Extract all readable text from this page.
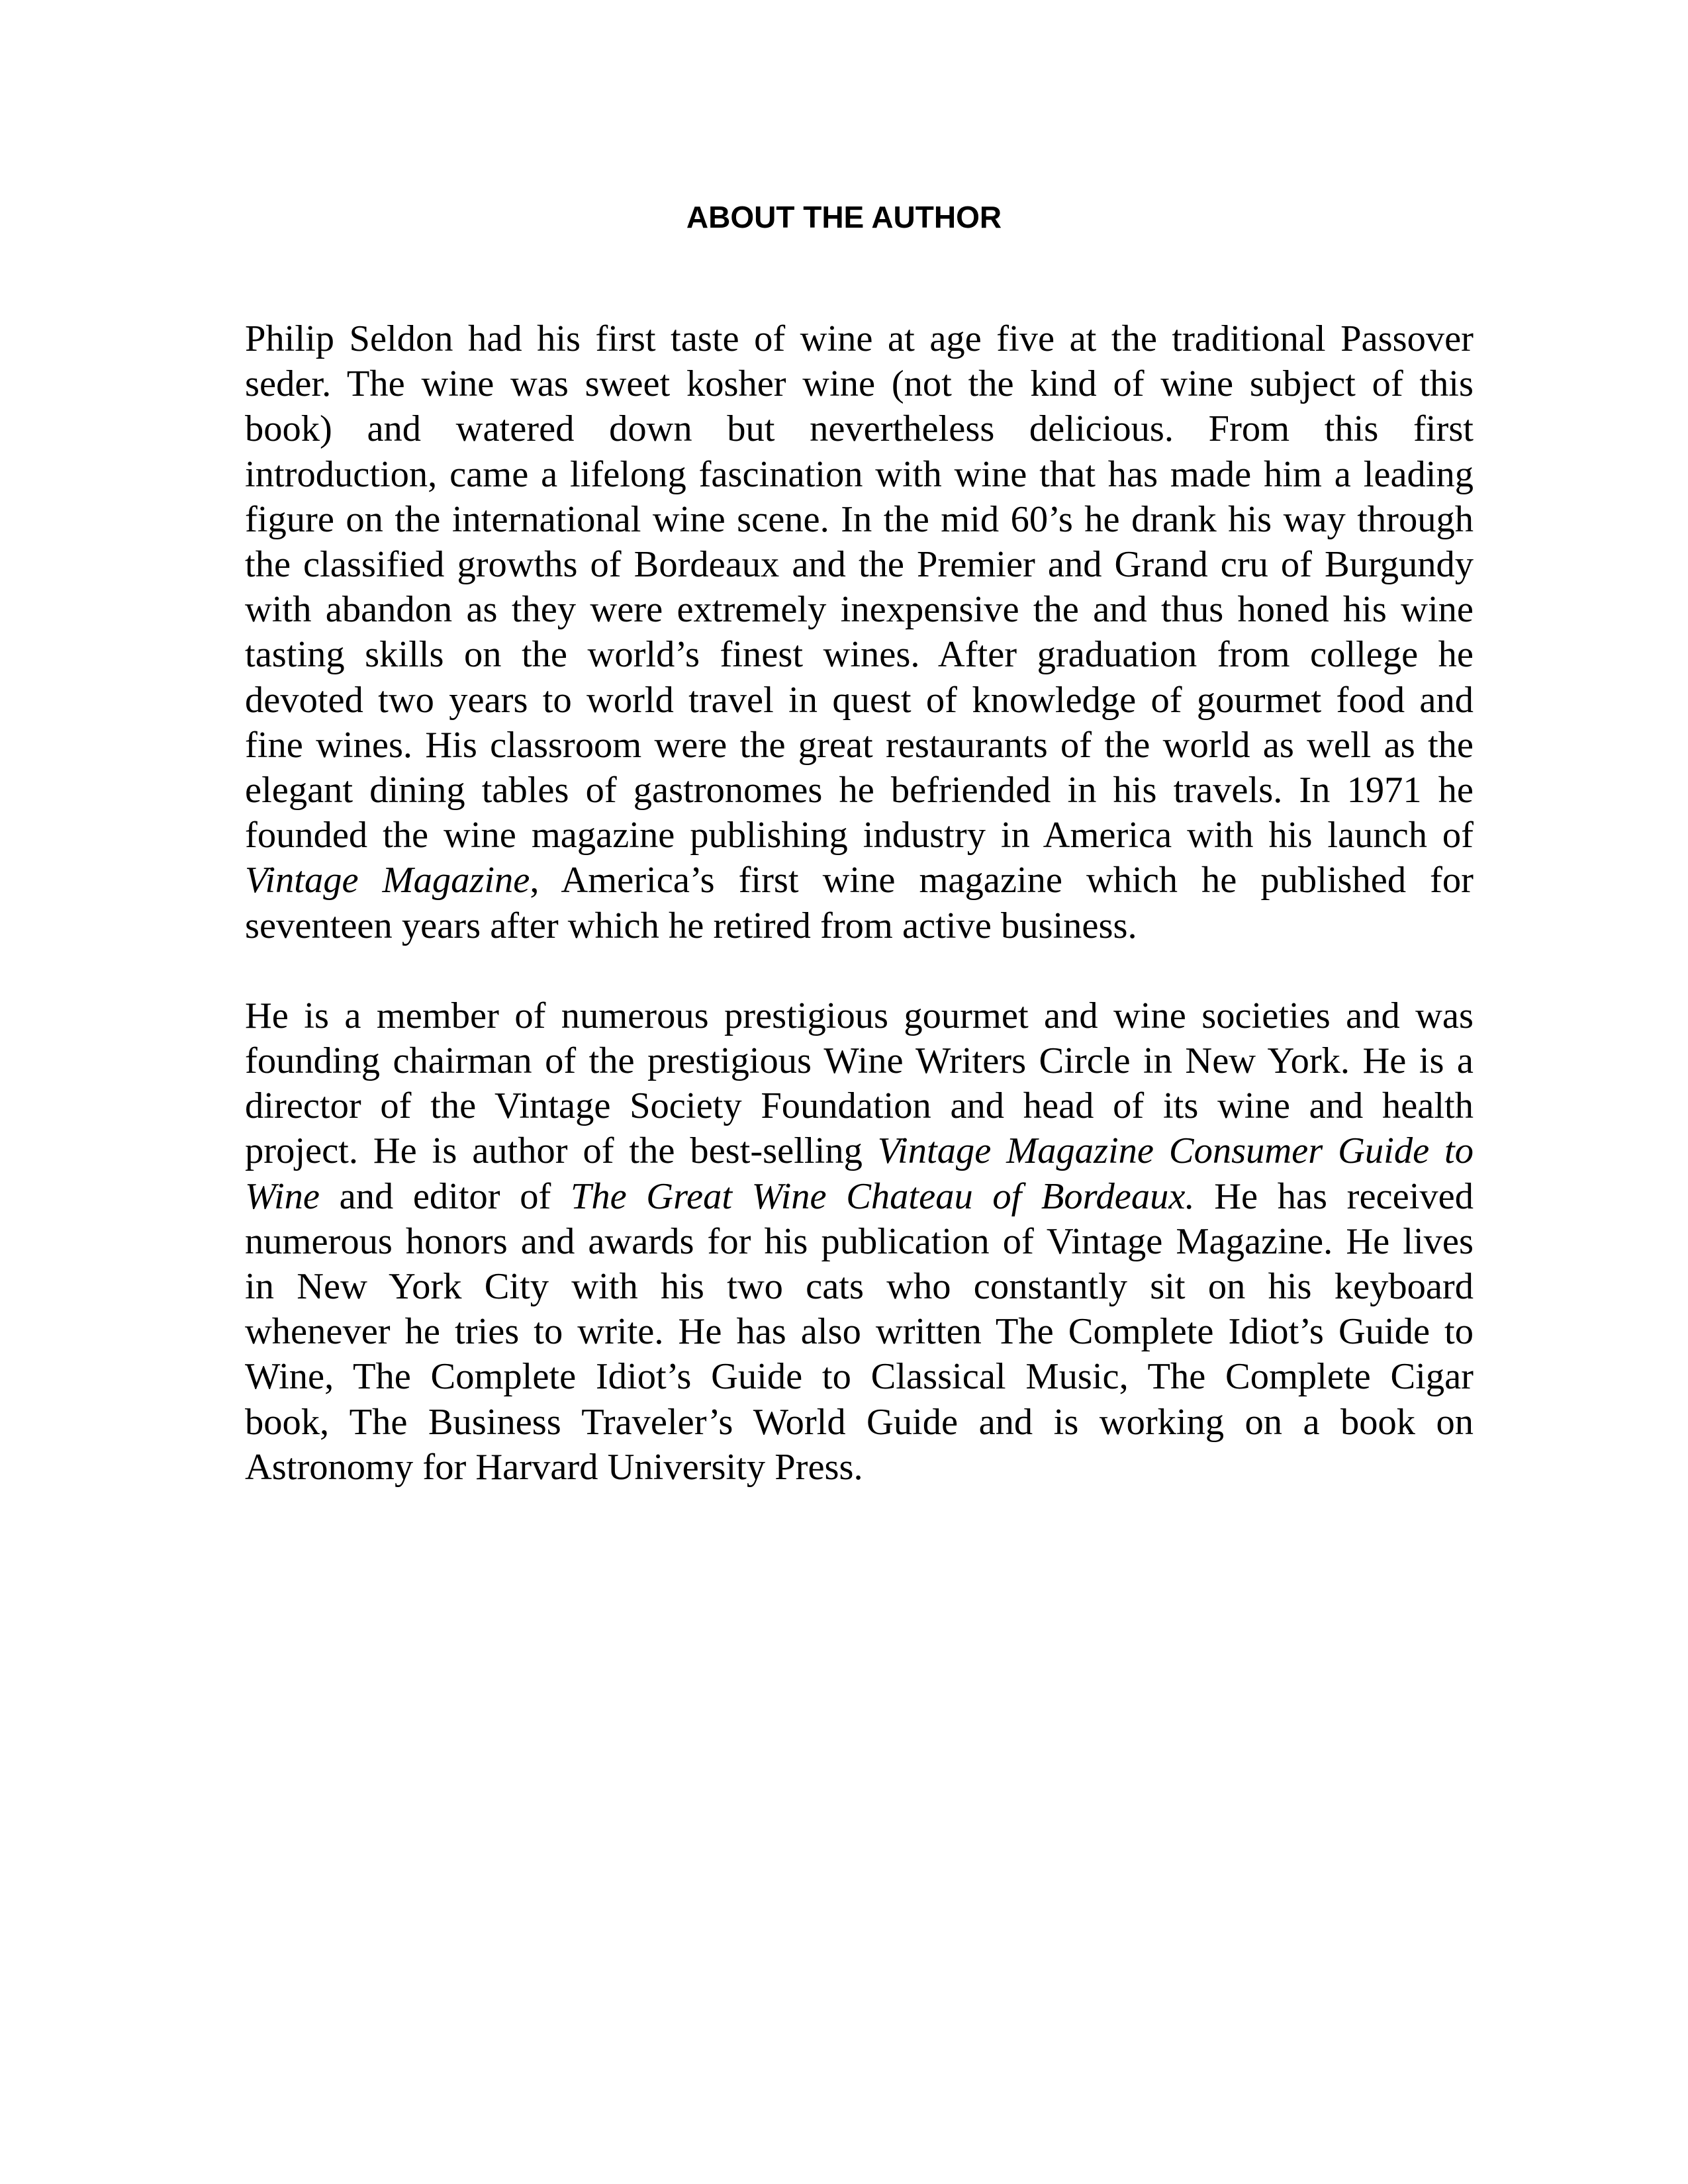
ABOUT THE AUTHOR

Philip Seldon had his first taste of wine at age five at the traditional Passover
seder. The wine was sweet kosher wine (not the kind of wine subject of this
book) and watered down but nevertheless delicious. From this first
introduction, came a lifelong fascination with wine that has made him a leading
figure on the international wine scene. In the mid 60’s he drank his way through
the classified growths of Bordeaux and the Premier and Grand cru of Burgundy
with abandon as they were extremely inexpensive the and thus honed his wine
tasting skills on the world’s finest wines. After graduation from college he
devoted two years to world travel in quest of knowledge of gourmet food and
fine wines. His classroom were the great restaurants of the world as well as the
elegant dining tables of gastronomes he befriended in his travels. In 1971 he
founded the wine magazine publishing industry in America with his launch of
Vintage Magazine, America’s first wine magazine which he published for
seventeen years after which he retired from active business.

He is a member of numerous prestigious gourmet and wine societies and was
founding chairman of the prestigious Wine Writers Circle in New York. He is a
director of the Vintage Society Foundation and head of its wine and health
project. He is author of the best-selling Vintage Magazine Consumer Guide to
Wine and editor of The Great Wine Chateau of Bordeaux. He has received
numerous honors and awards for his publication of Vintage Magazine. He lives
in New York City with his two cats who constantly sit on his keyboard
whenever he tries to write. He has also written The Complete Idiot’s Guide to
Wine, The Complete Idiot’s Guide to Classical Music, The Complete Cigar
book, The Business Traveler’s World Guide and is working on a book on
Astronomy for Harvard University Press.
